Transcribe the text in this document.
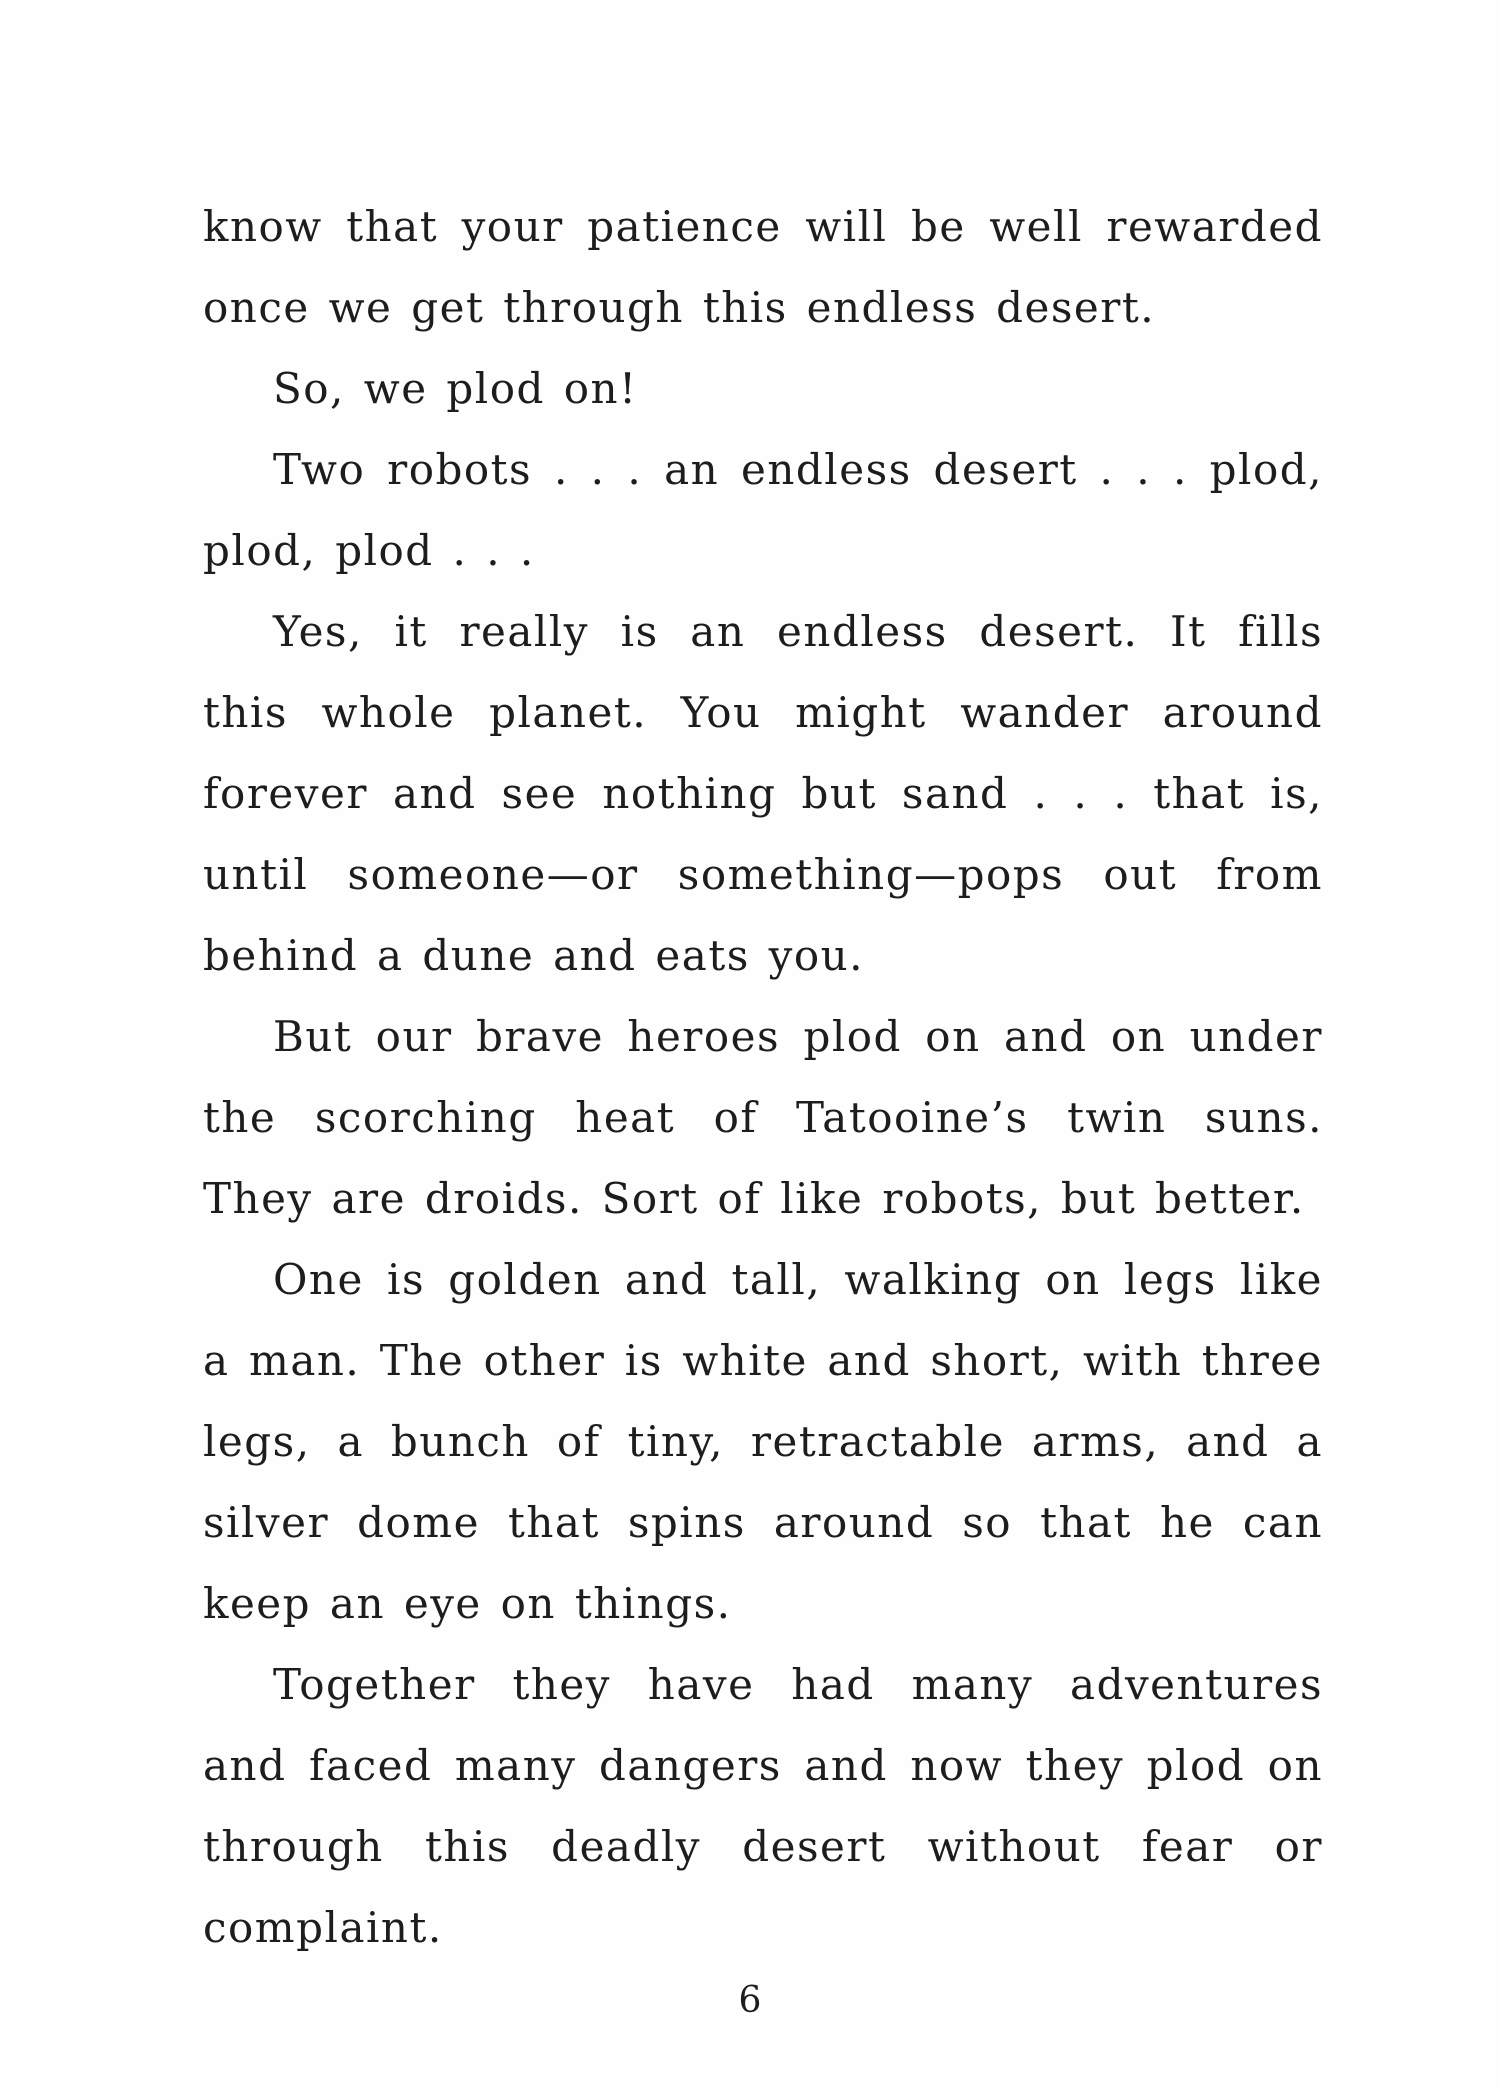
know that your patience will be well rewarded once we get through this endless desert.

So, we plod on!

Two robots . . . an endless desert . . . plod, plod, plod . . .

Yes, it really is an endless desert. It fills this whole planet. You might wander around forever and see nothing but sand . . . that is, until someone—or something—pops out from behind a dune and eats you.

But our brave heroes plod on and on under the scorching heat of Tatooine’s twin suns. They are droids. Sort of like robots, but better.

One is golden and tall, walking on legs like a man. The other is white and short, with three legs, a bunch of tiny, retractable arms, and a silver dome that spins around so that he can keep an eye on things.

Together they have had many adventures and faced many dangers and now they plod on through this deadly desert without fear or complaint.

6
